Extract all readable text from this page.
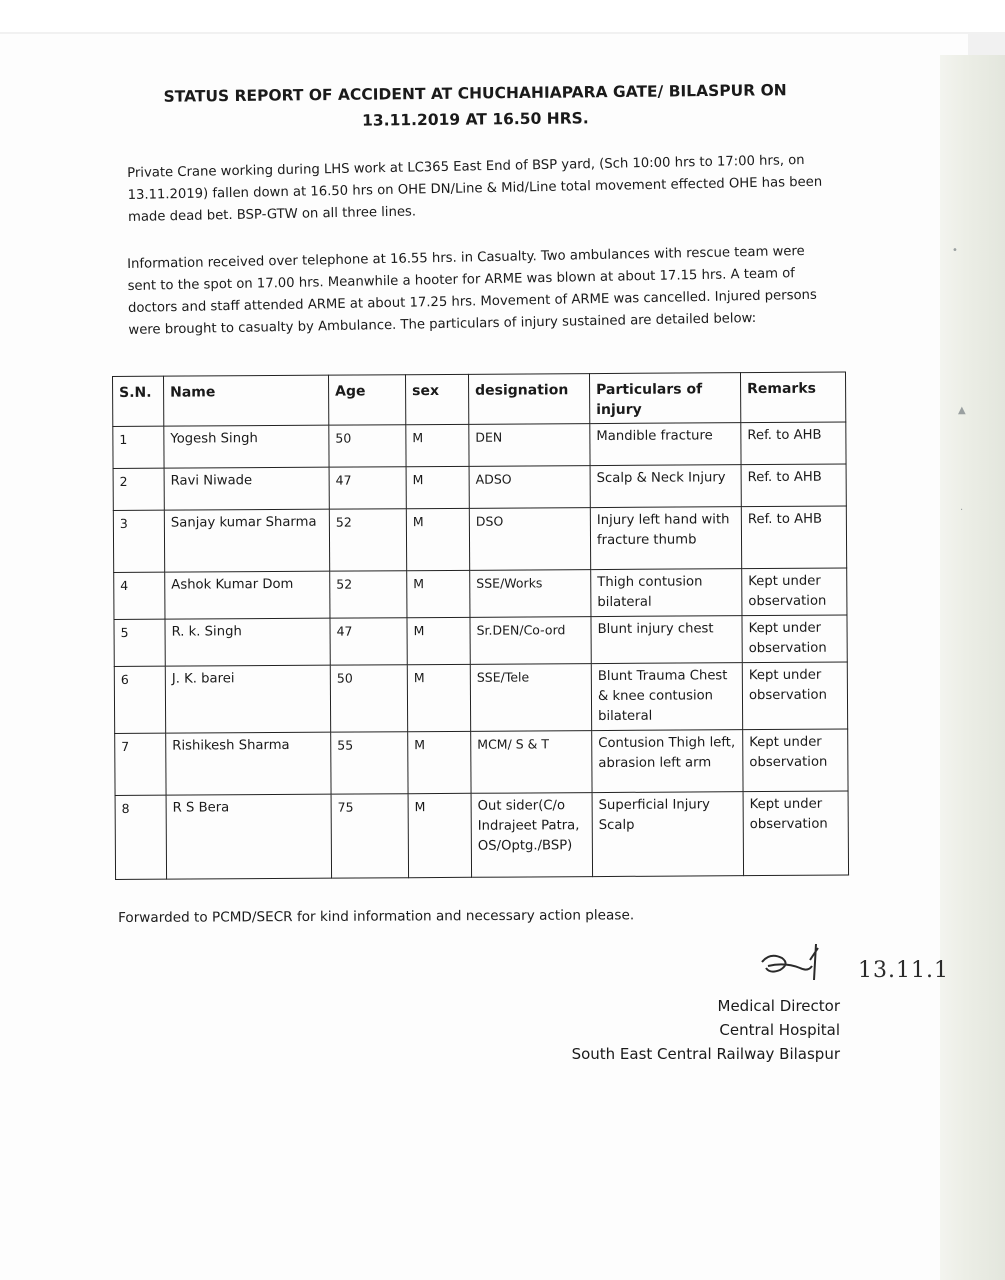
•
▲
·
STATUS REPORT OF ACCIDENT AT CHUCHAHIAPARA GATE/ BILASPUR ON
13.11.2019 AT 16.50 HRS.
Private Crane working during LHS work at LC365 East End of BSP yard, (Sch 10:00 hrs to 17:00 hrs, on 13.11.2019) fallen down at 16.50 hrs on OHE DN/Line & Mid/Line total movement effected OHE has been made dead bet. BSP-GTW on all three lines.
Information received over telephone at 16.55 hrs. in Casualty. Two ambulances with rescue team were sent to the spot on 17.00 hrs. Meanwhile a hooter for ARME was blown at about 17.15 hrs. A team of doctors and staff attended ARME at about 17.25 hrs. Movement of ARME was cancelled. Injured persons were brought to casualty by Ambulance. The particulars of injury sustained are detailed below:
S.N.	Name	Age	sex	designation	Particulars of injury	Remarks
1	Yogesh Singh	50	M	DEN	Mandible fracture	Ref. to AHB
2	Ravi Niwade	47	M	ADSO	Scalp & Neck Injury	Ref. to AHB
3	Sanjay kumar Sharma	52	M	DSO	Injury left hand with fracture thumb	Ref. to AHB
4	Ashok Kumar Dom	52	M	SSE/Works	Thigh contusion bilateral	Kept under observation
5	R. k. Singh	47	M	Sr.DEN/Co-ord	Blunt injury chest	Kept under observation
6	J. K. barei	50	M	SSE/Tele	Blunt Trauma Chest & knee contusion bilateral	Kept under observation
7	Rishikesh Sharma	55	M	MCM/ S & T	Contusion Thigh left, abrasion left arm	Kept under observation
8	R S Bera	75	M	Out sider(C/o Indrajeet Patra, OS/Optg./BSP)	Superficial Injury Scalp	Kept under observation
Forwarded to PCMD/SECR for kind information and necessary action please.
13.11.1
Medical Director
Central Hospital
South East Central Railway Bilaspur
